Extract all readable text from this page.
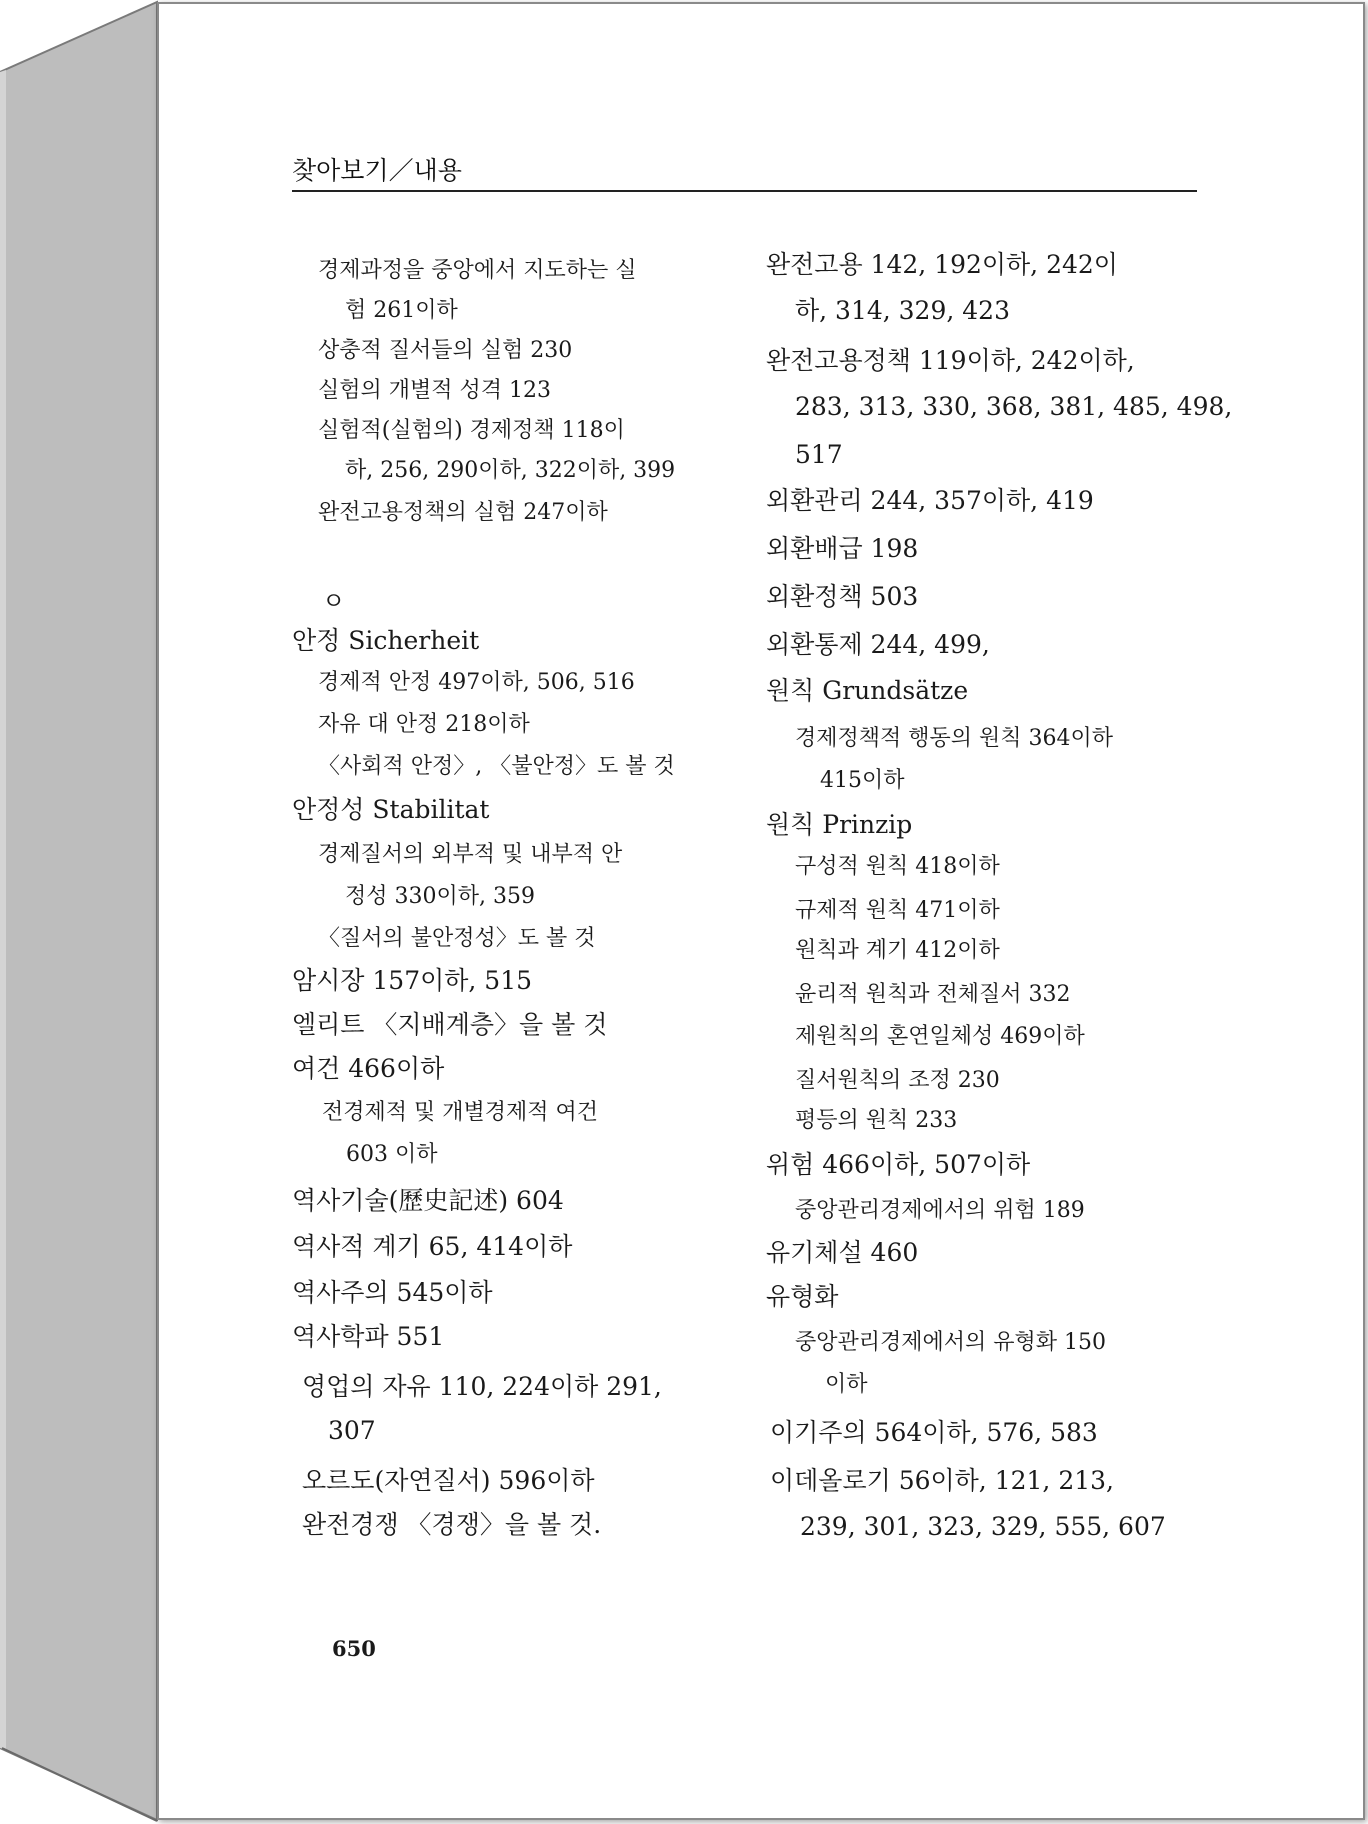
찾아보기／내용
경제과정을 중앙에서 지도하는 실
험 261이하
상충적 질서들의 실험 230
실험의 개별적 성격 123
실험적(실험의) 경제정책 118이
하, 256, 290이하, 322이하, 399
완전고용정책의 실험 247이하
ㅇ
안정 Sicherheit
경제적 안정 497이하, 506, 516
자유 대 안정 218이하
〈사회적 안정〉, 〈불안정〉도 볼 것
안정성 Stabilitat
경제질서의 외부적 및 내부적 안
정성 330이하, 359
〈질서의 불안정성〉도 볼 것
암시장 157이하, 515
엘리트 〈지배계층〉을 볼 것
여건 466이하
전경제적 및 개별경제적 여건
603 이하
역사기술(歷史記述) 604
역사적 계기 65, 414이하
역사주의 545이하
역사학파 551
영업의 자유 110, 224이하 291,
307
오르도(자연질서) 596이하
완전경쟁 〈경쟁〉을 볼 것.
완전고용 142, 192이하, 242이
하, 314, 329, 423
완전고용정책 119이하, 242이하,
283, 313, 330, 368, 381, 485, 498,
517
외환관리 244, 357이하, 419
외환배급 198
외환정책 503
외환통제 244, 499,
원칙 Grundsätze
경제정책적 행동의 원칙 364이하
415이하
원칙 Prinzip
구성적 원칙 418이하
규제적 원칙 471이하
원칙과 계기 412이하
윤리적 원칙과 전체질서 332
제원칙의 혼연일체성 469이하
질서원칙의 조정 230
평등의 원칙 233
위험 466이하, 507이하
중앙관리경제에서의 위험 189
유기체설 460
유형화
중앙관리경제에서의 유형화 150
이하
이기주의 564이하, 576, 583
이데올로기 56이하, 121, 213,
239, 301, 323, 329, 555, 607
650
